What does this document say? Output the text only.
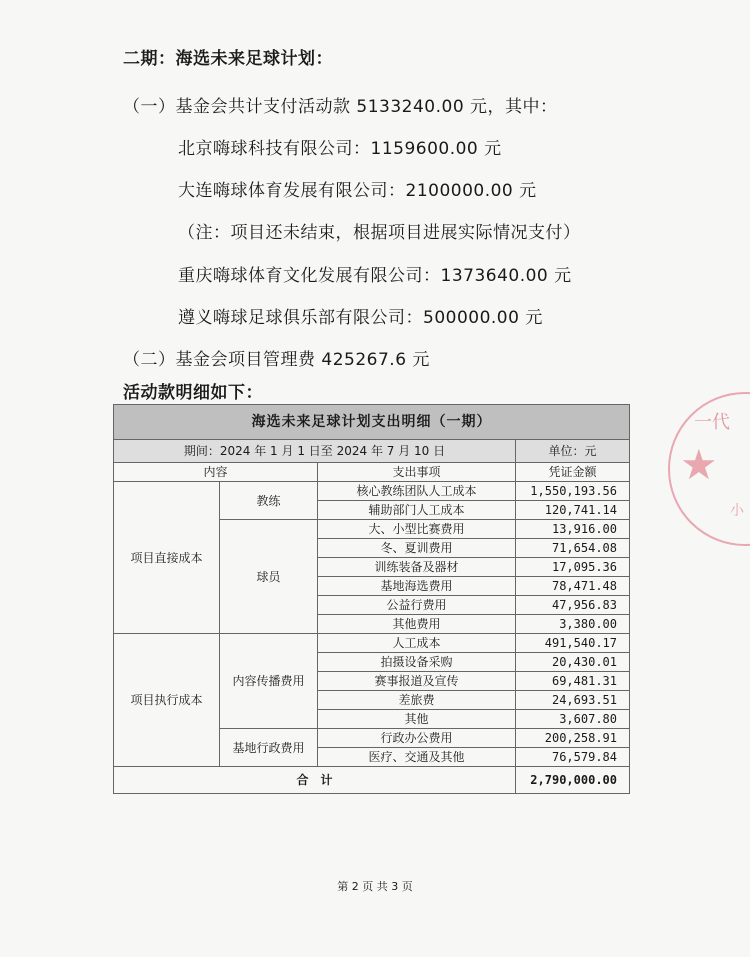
二期：海选未来足球计划：
（一）基金会共计支付活动款 5133240.00 元，其中：
北京嗨球科技有限公司：1159600.00 元
大连嗨球体育发展有限公司：2100000.00 元
（注：项目还未结束，根据项目进展实际情况支付）
重庆嗨球体育文化发展有限公司：1373640.00 元
遵义嗨球足球俱乐部有限公司：500000.00 元
（二）基金会项目管理费 425267.6 元
活动款明细如下：
一代
★
小
海选未来足球计划支出明细（一期）			
期间：2024 年 1 月 1 日至 2024 年 7 月 10 日			单位：元
内容		支出事项	凭证金额
项目直接成本	教练	核心教练团队人工成本	1,550,193.56
		辅助部门人工成本	120,741.14
	球员	大、小型比赛费用	13,916.00
		冬、夏训费用	71,654.08
		训练装备及器材	17,095.36
		基地海选费用	78,471.48
		公益行费用	47,956.83
		其他费用	3,380.00
项目执行成本	内容传播费用	人工成本	491,540.17
		拍摄设备采购	20,430.01
		赛事报道及宣传	69,481.31
		差旅费	24,693.51
		其他	3,607.80
	基地行政费用	行政办公费用	200,258.91
		医疗、交通及其他	76,579.84
合　计			2,790,000.00
第 2 页 共 3 页
